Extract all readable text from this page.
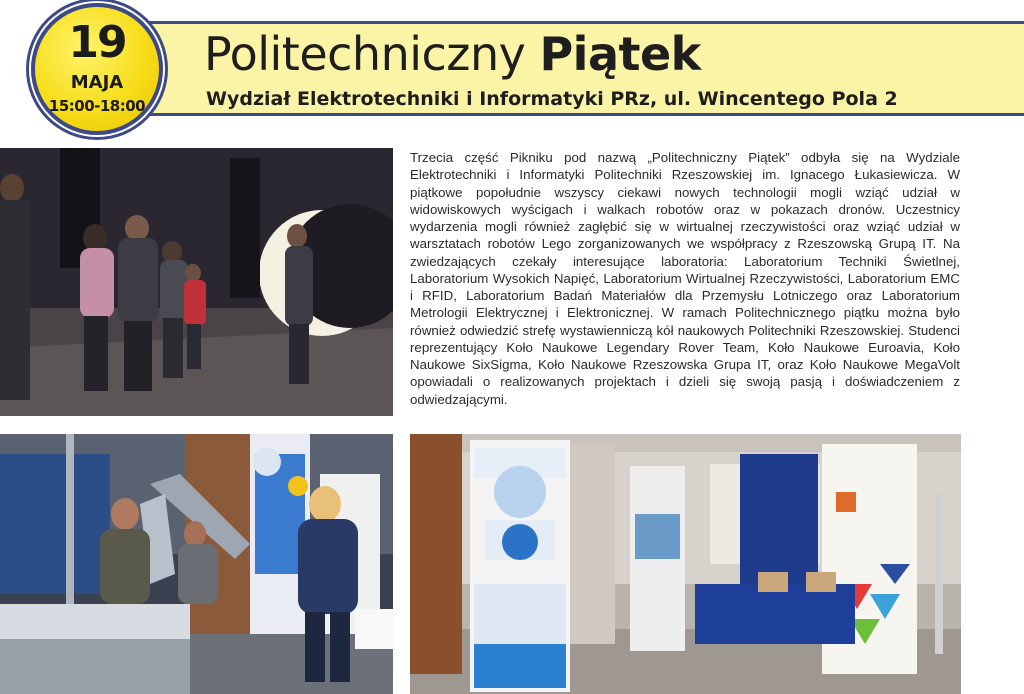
19
MAJA
15:00-18:00
Politechniczny Piątek
Wydział Elektrotechniki i Informatyki PRz, ul. Wincentego Pola 2
Trzecia część Pikniku pod nazwą „Politechniczny Piątek” odbyła się na Wydziale Elektrotechniki i Informatyki Politechniki Rzeszowskiej im. Ignacego Łukasiewicza. W piątkowe popołudnie wszyscy ciekawi nowych technologii mogli wziąć udział w widowiskowych wyścigach i walkach robotów oraz w pokazach dronów. Uczestnicy wydarzenia mogli również zagłębić się w wirtualnej rzeczywistości oraz wziąć udział w warsztatach robotów Lego zorganizowanych we współpracy z Rzeszowską Grupą IT. Na zwiedzających czekały interesujące laboratoria: Laboratorium Techniki Świetlnej, Laboratorium Wysokich Napięć, Laboratorium Wirtualnej Rzeczywistości, Laboratorium EMC i RFID, Laboratorium Badań Materiałów dla Przemysłu Lotniczego oraz Laboratorium Metrologii Elektrycznej i Elektronicznej. W ramach Politechnicznego piątku można było również odwiedzić strefę wystawienniczą kół naukowych Politechniki Rzeszowskiej. Studenci reprezentujący Koło Naukowe Legendary Rover Team, Koło Naukowe Euroavia, Koło Naukowe SixSigma, Koło Naukowe Rzeszowska Grupa IT, oraz Koło Naukowe MegaVolt opowiadali o realizowanych projektach i dzieli się swoją pasją i doświadczeniem z odwiedzającymi.
